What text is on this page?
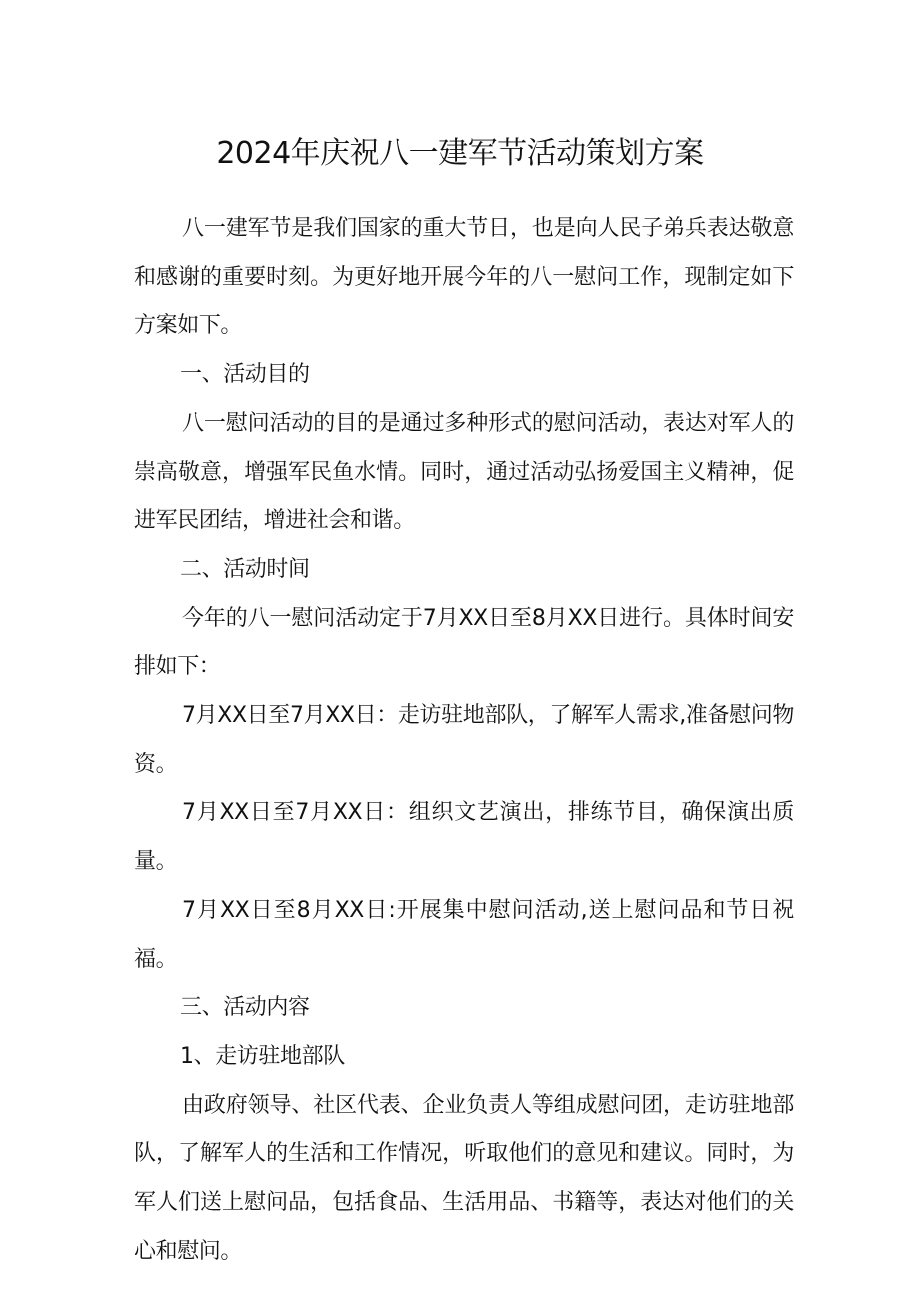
2024年庆祝八一建军节活动策划方案

八一建军节是我们国家的重大节日，也是向人民子弟兵表达敬意和感谢的重要时刻。为更好地开展今年的八一慰问工作，现制定如下方案如下。

一、活动目的

八一慰问活动的目的是通过多种形式的慰问活动，表达对军人的崇高敬意，增强军民鱼水情。同时，通过活动弘扬爱国主义精神，促进军民团结，增进社会和谐。

二、活动时间

今年的八一慰问活动定于7月XX日至8月XX日进行。具体时间安排如下：

7月XX日至7月XX日：走访驻地部队，了解军人需求,准备慰问物资。

7月XX日至7月XX日：组织文艺演出，排练节目，确保演出质量。

7月XX日至8月XX日:开展集中慰问活动,送上慰问品和节日祝福。

三、活动内容

1、走访驻地部队

由政府领导、社区代表、企业负责人等组成慰问团，走访驻地部队，了解军人的生活和工作情况，听取他们的意见和建议。同时，为军人们送上慰问品，包括食品、生活用品、书籍等，表达对他们的关心和慰问。
